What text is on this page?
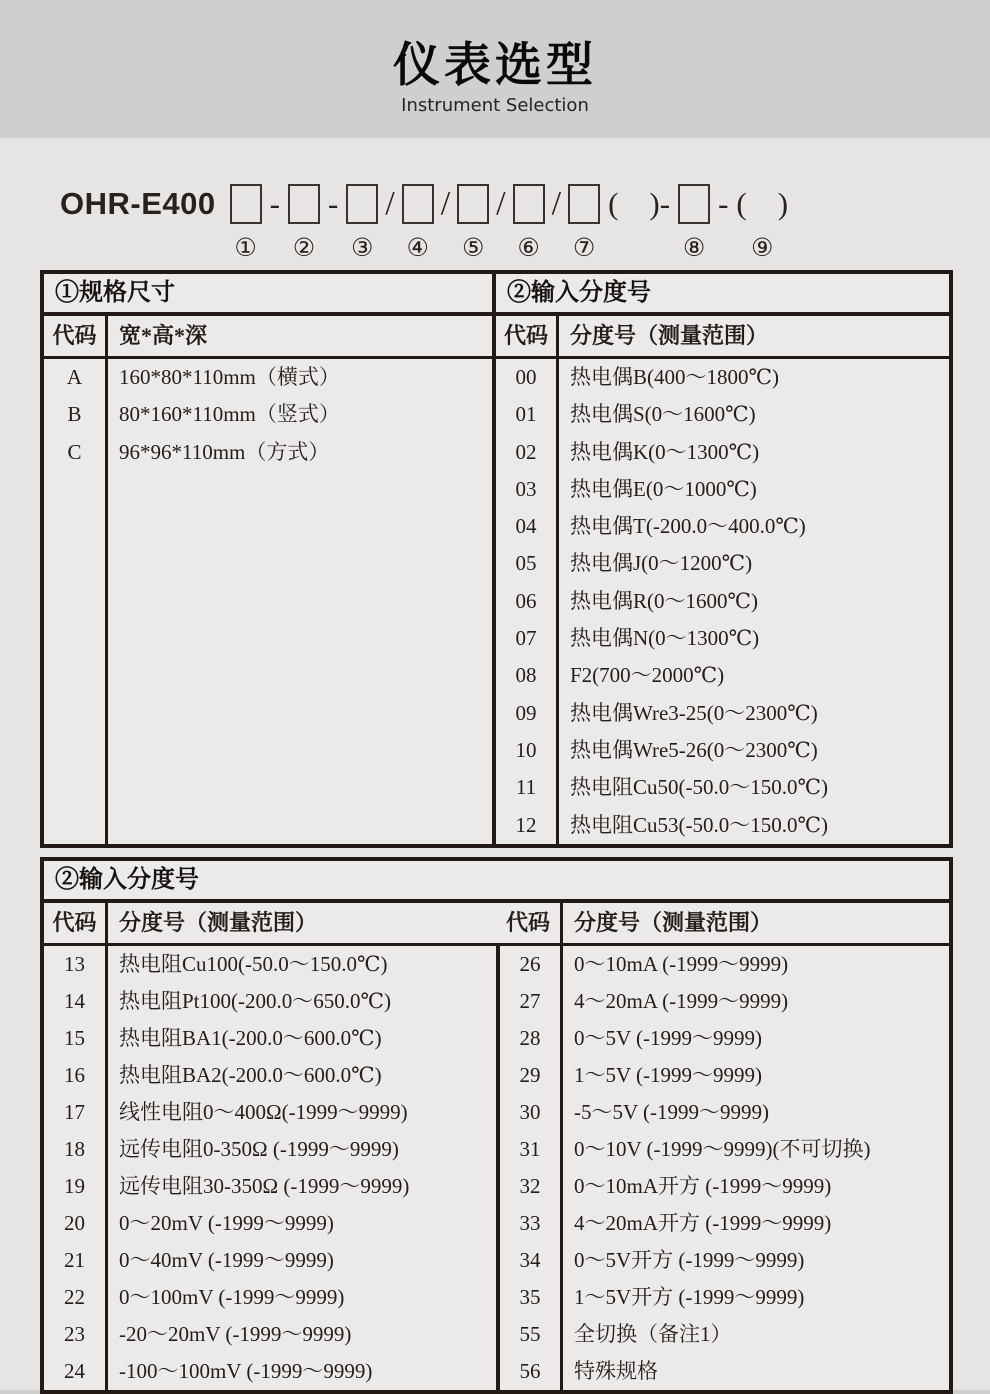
仪表选型
Instrument Selection
OHR-E400
①
-
②
-
③
/
④
/
⑤
/
⑥
/
⑦
(    )-
⑧
- (    )
⑨
①规格尺寸
代码	宽*高*深
A	160*80*110mm（横式）
B	80*160*110mm（竖式）
C	96*96*110mm（方式）
②输入分度号
代码	分度号（测量范围）
00	热电偶B(400～1800℃)
01	热电偶S(0～1600℃)
02	热电偶K(0～1300℃)
03	热电偶E(0～1000℃)
04	热电偶T(-200.0～400.0℃)
05	热电偶J(0～1200℃)
06	热电偶R(0～1600℃)
07	热电偶N(0～1300℃)
08	F2(700～2000℃)
09	热电偶Wre3-25(0～2300℃)
10	热电偶Wre5-26(0～2300℃)
11	热电阻Cu50(-50.0～150.0℃)
12	热电阻Cu53(-50.0～150.0℃)
②输入分度号
代码	分度号（测量范围）
13	热电阻Cu100(-50.0～150.0℃)
14	热电阻Pt100(-200.0～650.0℃)
15	热电阻BA1(-200.0～600.0℃)
16	热电阻BA2(-200.0～600.0℃)
17	线性电阻0～400Ω(-1999～9999)
18	远传电阻0-350Ω (-1999～9999)
19	远传电阻30-350Ω (-1999～9999)
20	0～20mV (-1999～9999)
21	0～40mV (-1999～9999)
22	0～100mV (-1999～9999)
23	-20～20mV (-1999～9999)
24	-100～100mV (-1999～9999)
代码	分度号（测量范围）
26	0～10mA (-1999～9999)
27	4～20mA (-1999～9999)
28	0～5V (-1999～9999)
29	1～5V (-1999～9999)
30	-5～5V (-1999～9999)
31	0～10V (-1999～9999)(不可切换)
32	0～10mA开方 (-1999～9999)
33	4～20mA开方 (-1999～9999)
34	0～5V开方 (-1999～9999)
35	1～5V开方 (-1999～9999)
55	全切换（备注1）
56	特殊规格
